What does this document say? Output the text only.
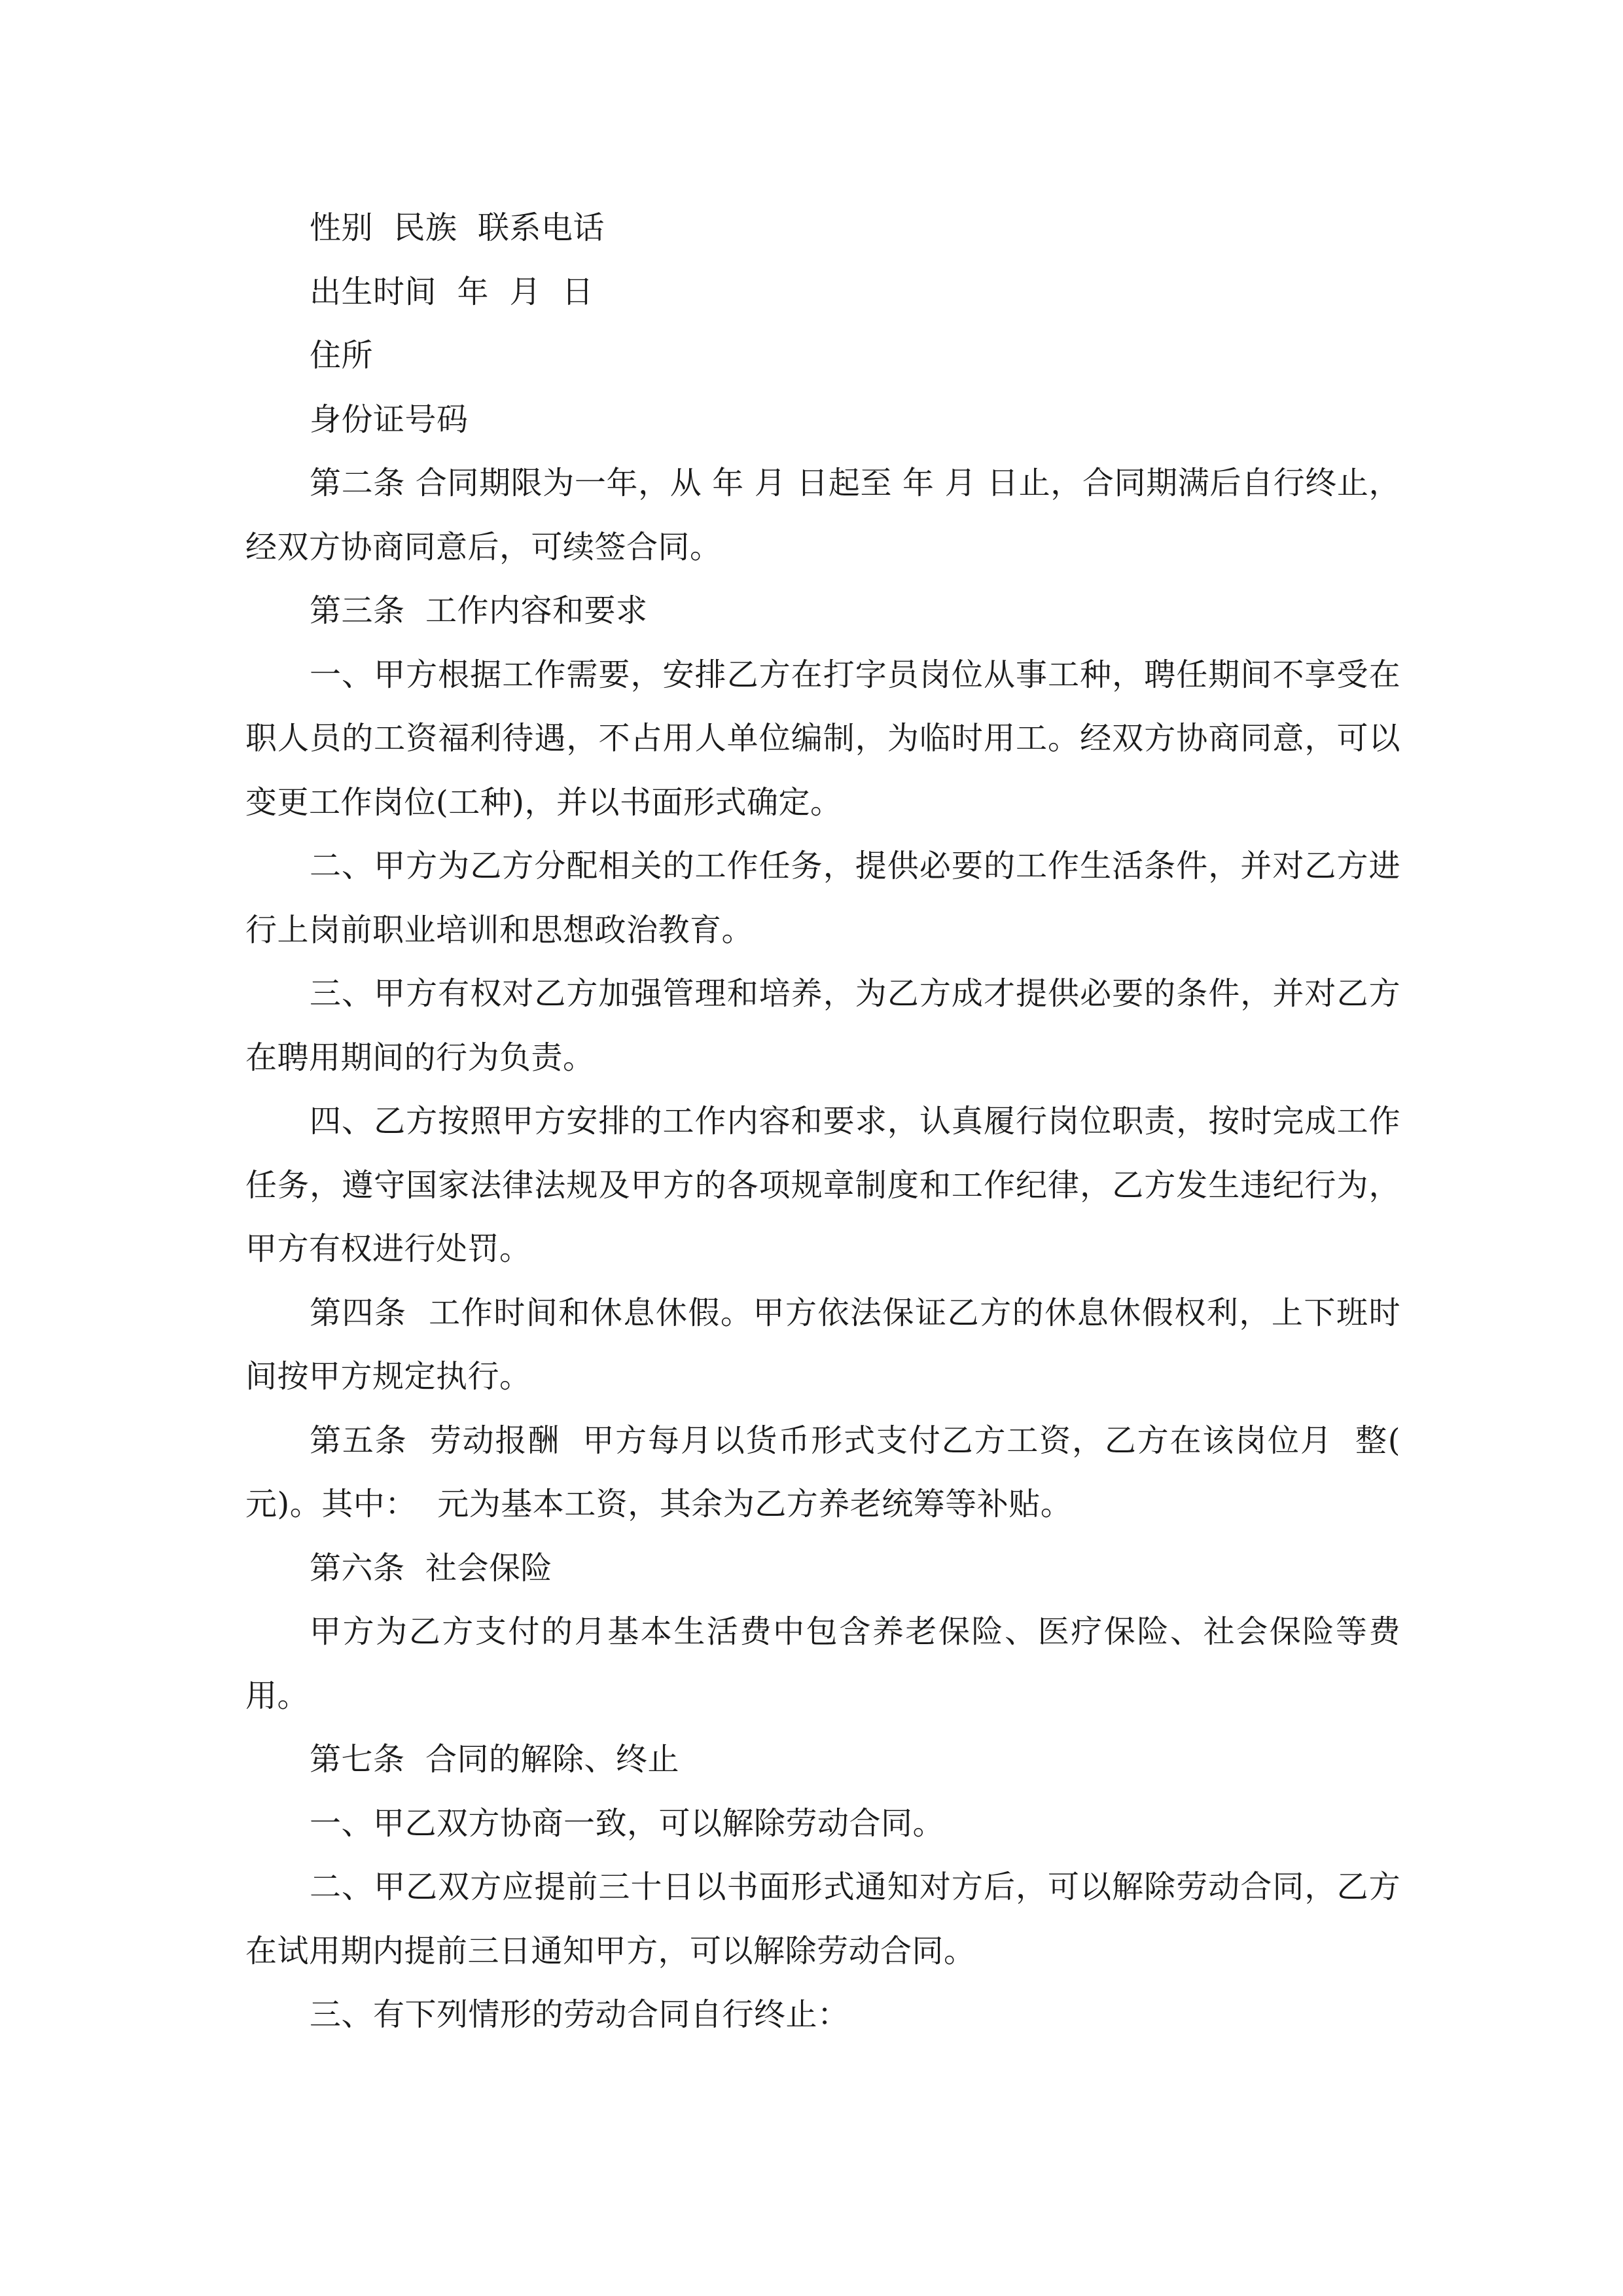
性别  民族  联系电话

出生时间  年  月  日

住所

身份证号码

第二条 合同期限为一年，从 年 月 日起至 年 月 日止，合同期满后自行终止，经双方协商同意后，可续签合同。

第三条  工作内容和要求

一、甲方根据工作需要，安排乙方在打字员岗位从事工种，聘任期间不享受在职人员的工资福利待遇，不占用人单位编制，为临时用工。经双方协商同意，可以变更工作岗位(工种)，并以书面形式确定。

二、甲方为乙方分配相关的工作任务，提供必要的工作生活条件，并对乙方进行上岗前职业培训和思想政治教育。

三、甲方有权对乙方加强管理和培养，为乙方成才提供必要的条件，并对乙方在聘用期间的行为负责。

四、乙方按照甲方安排的工作内容和要求，认真履行岗位职责，按时完成工作任务，遵守国家法律法规及甲方的各项规章制度和工作纪律，乙方发生违纪行为，甲方有权进行处罚。

第四条  工作时间和休息休假。甲方依法保证乙方的休息休假权利，上下班时间按甲方规定执行。

第五条  劳动报酬  甲方每月以货币形式支付乙方工资，乙方在该岗位月  整(  元)。其中：  元为基本工资，其余为乙方养老统筹等补贴。

第六条  社会保险

甲方为乙方支付的月基本生活费中包含养老保险、医疗保险、社会保险等费用。

第七条  合同的解除、终止

一、甲乙双方协商一致，可以解除劳动合同。

二、甲乙双方应提前三十日以书面形式通知对方后，可以解除劳动合同，乙方在试用期内提前三日通知甲方，可以解除劳动合同。

三、有下列情形的劳动合同自行终止：
